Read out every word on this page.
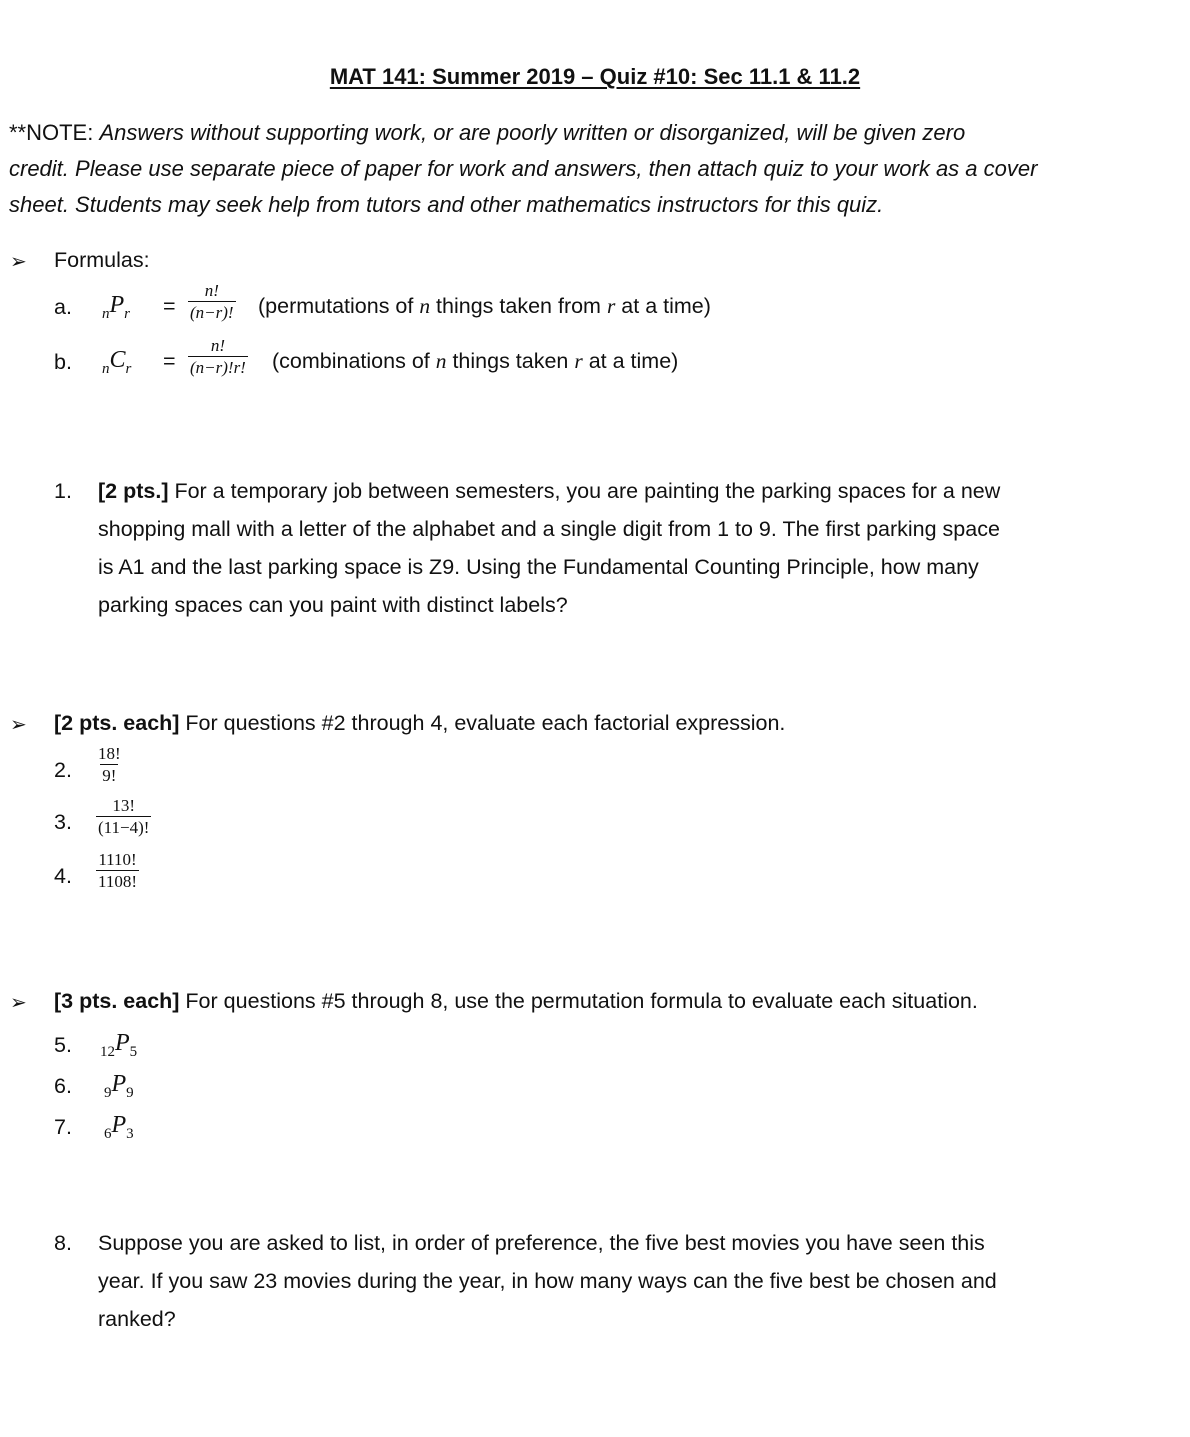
MAT 141: Summer 2019 – Quiz #10: Sec 11.1 & 11.2
**NOTE: Answers without supporting work, or are poorly written or disorganized, will be given zero
credit. Please use separate piece of paper for work and answers, then attach quiz to your work as a cover
sheet. Students may seek help from tutors and other mathematics instructors for this quiz.
➢ Formulas:
a. $_nP_r = \frac{n!}{(n-r)!}$ (permutations of n things taken from r at a time)
b. $_nC_r = \frac{n!}{(n-r)!r!}$ (combinations of n things taken r at a time)
1. [2 pts.] For a temporary job between semesters, you are painting the parking spaces for a new
shopping mall with a letter of the alphabet and a single digit from 1 to 9. The first parking space
is A1 and the last parking space is Z9. Using the Fundamental Counting Principle, how many
parking spaces can you paint with distinct labels?
➢ [2 pts. each] For questions #2 through 4, evaluate each factorial expression.
2. $\frac{18!}{9!}$
3. $\frac{13!}{(11-4)!}$
4. $\frac{1110!}{1108!}$
➢ [3 pts. each] For questions #5 through 8, use the permutation formula to evaluate each situation.
5. $_{12}P_5$
6. $_9P_9$
7. $_6P_3$
8. Suppose you are asked to list, in order of preference, the five best movies you have seen this
year. If you saw 23 movies during the year, in how many ways can the five best be chosen and
ranked?
